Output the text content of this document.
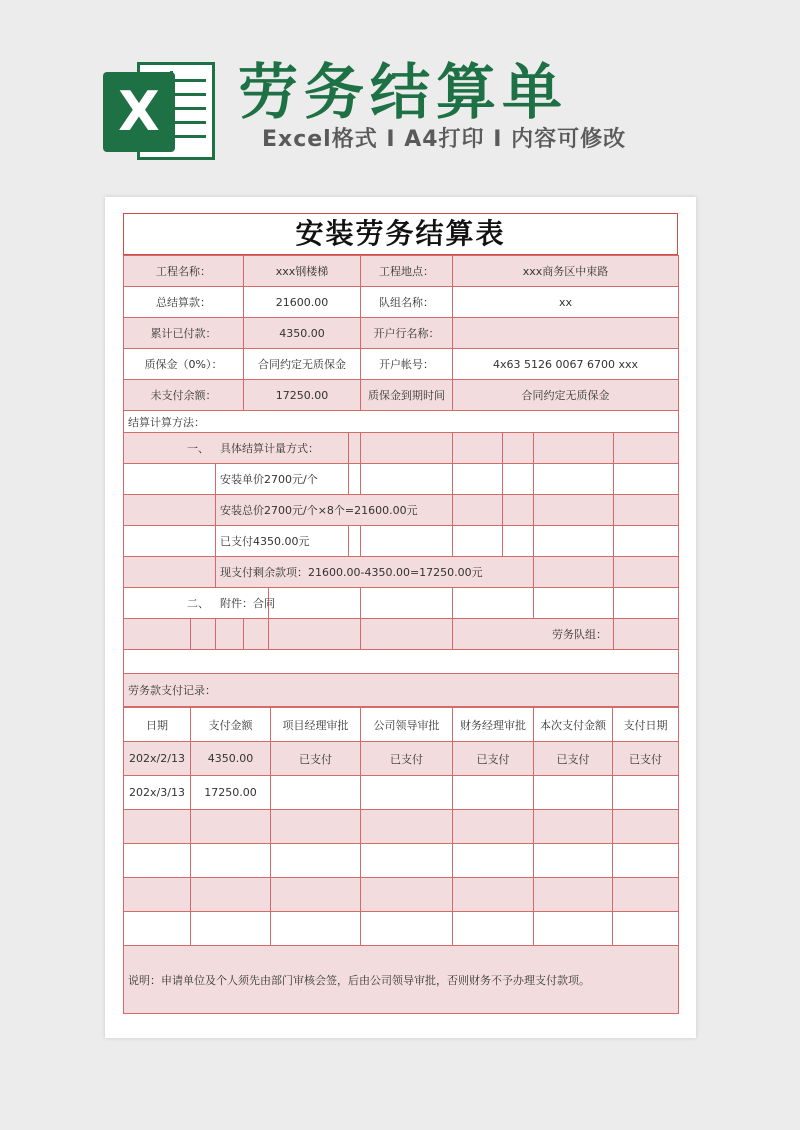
X 劳务结算单
Excel格式 I A4打印 I 内容可修改
安装劳务结算表
工程名称：			xxx钢楼梯			工程地点：	xxx商务区中束路			
总结算款：			21600.00			队组名称：	xx			
累计已付款：			4350.00			开户行名称：				
质保金（0%）：			合同约定无质保金			开户帐号：	4x63 5126 0067 6700 xxx			
未支付余额：			17250.00			质保金到期时间	合同约定无质保金			
结算计算方法：										
一、		具体结算计量方式：								
		安装单价2700元/个								
		安装总价2700元/个×8个=21600.00元								
		已支付4350.00元								
		现支付剩余款项：21600.00-4350.00=17250.00元								
二、		附件：合同								
							劳务队组：			

劳务款支付记录：										
日期	支付金额	项目经理审批	公司领导审批	财务经理审批	本次支付金额	支付日期
202x/2/13	4350.00	已支付	已支付	已支付	已支付	已支付
202x/3/13	17250.00					

说明：申请单位及个人须先由部门审核会签，后由公司领导审批，否则财务不予办理支付款项。						
